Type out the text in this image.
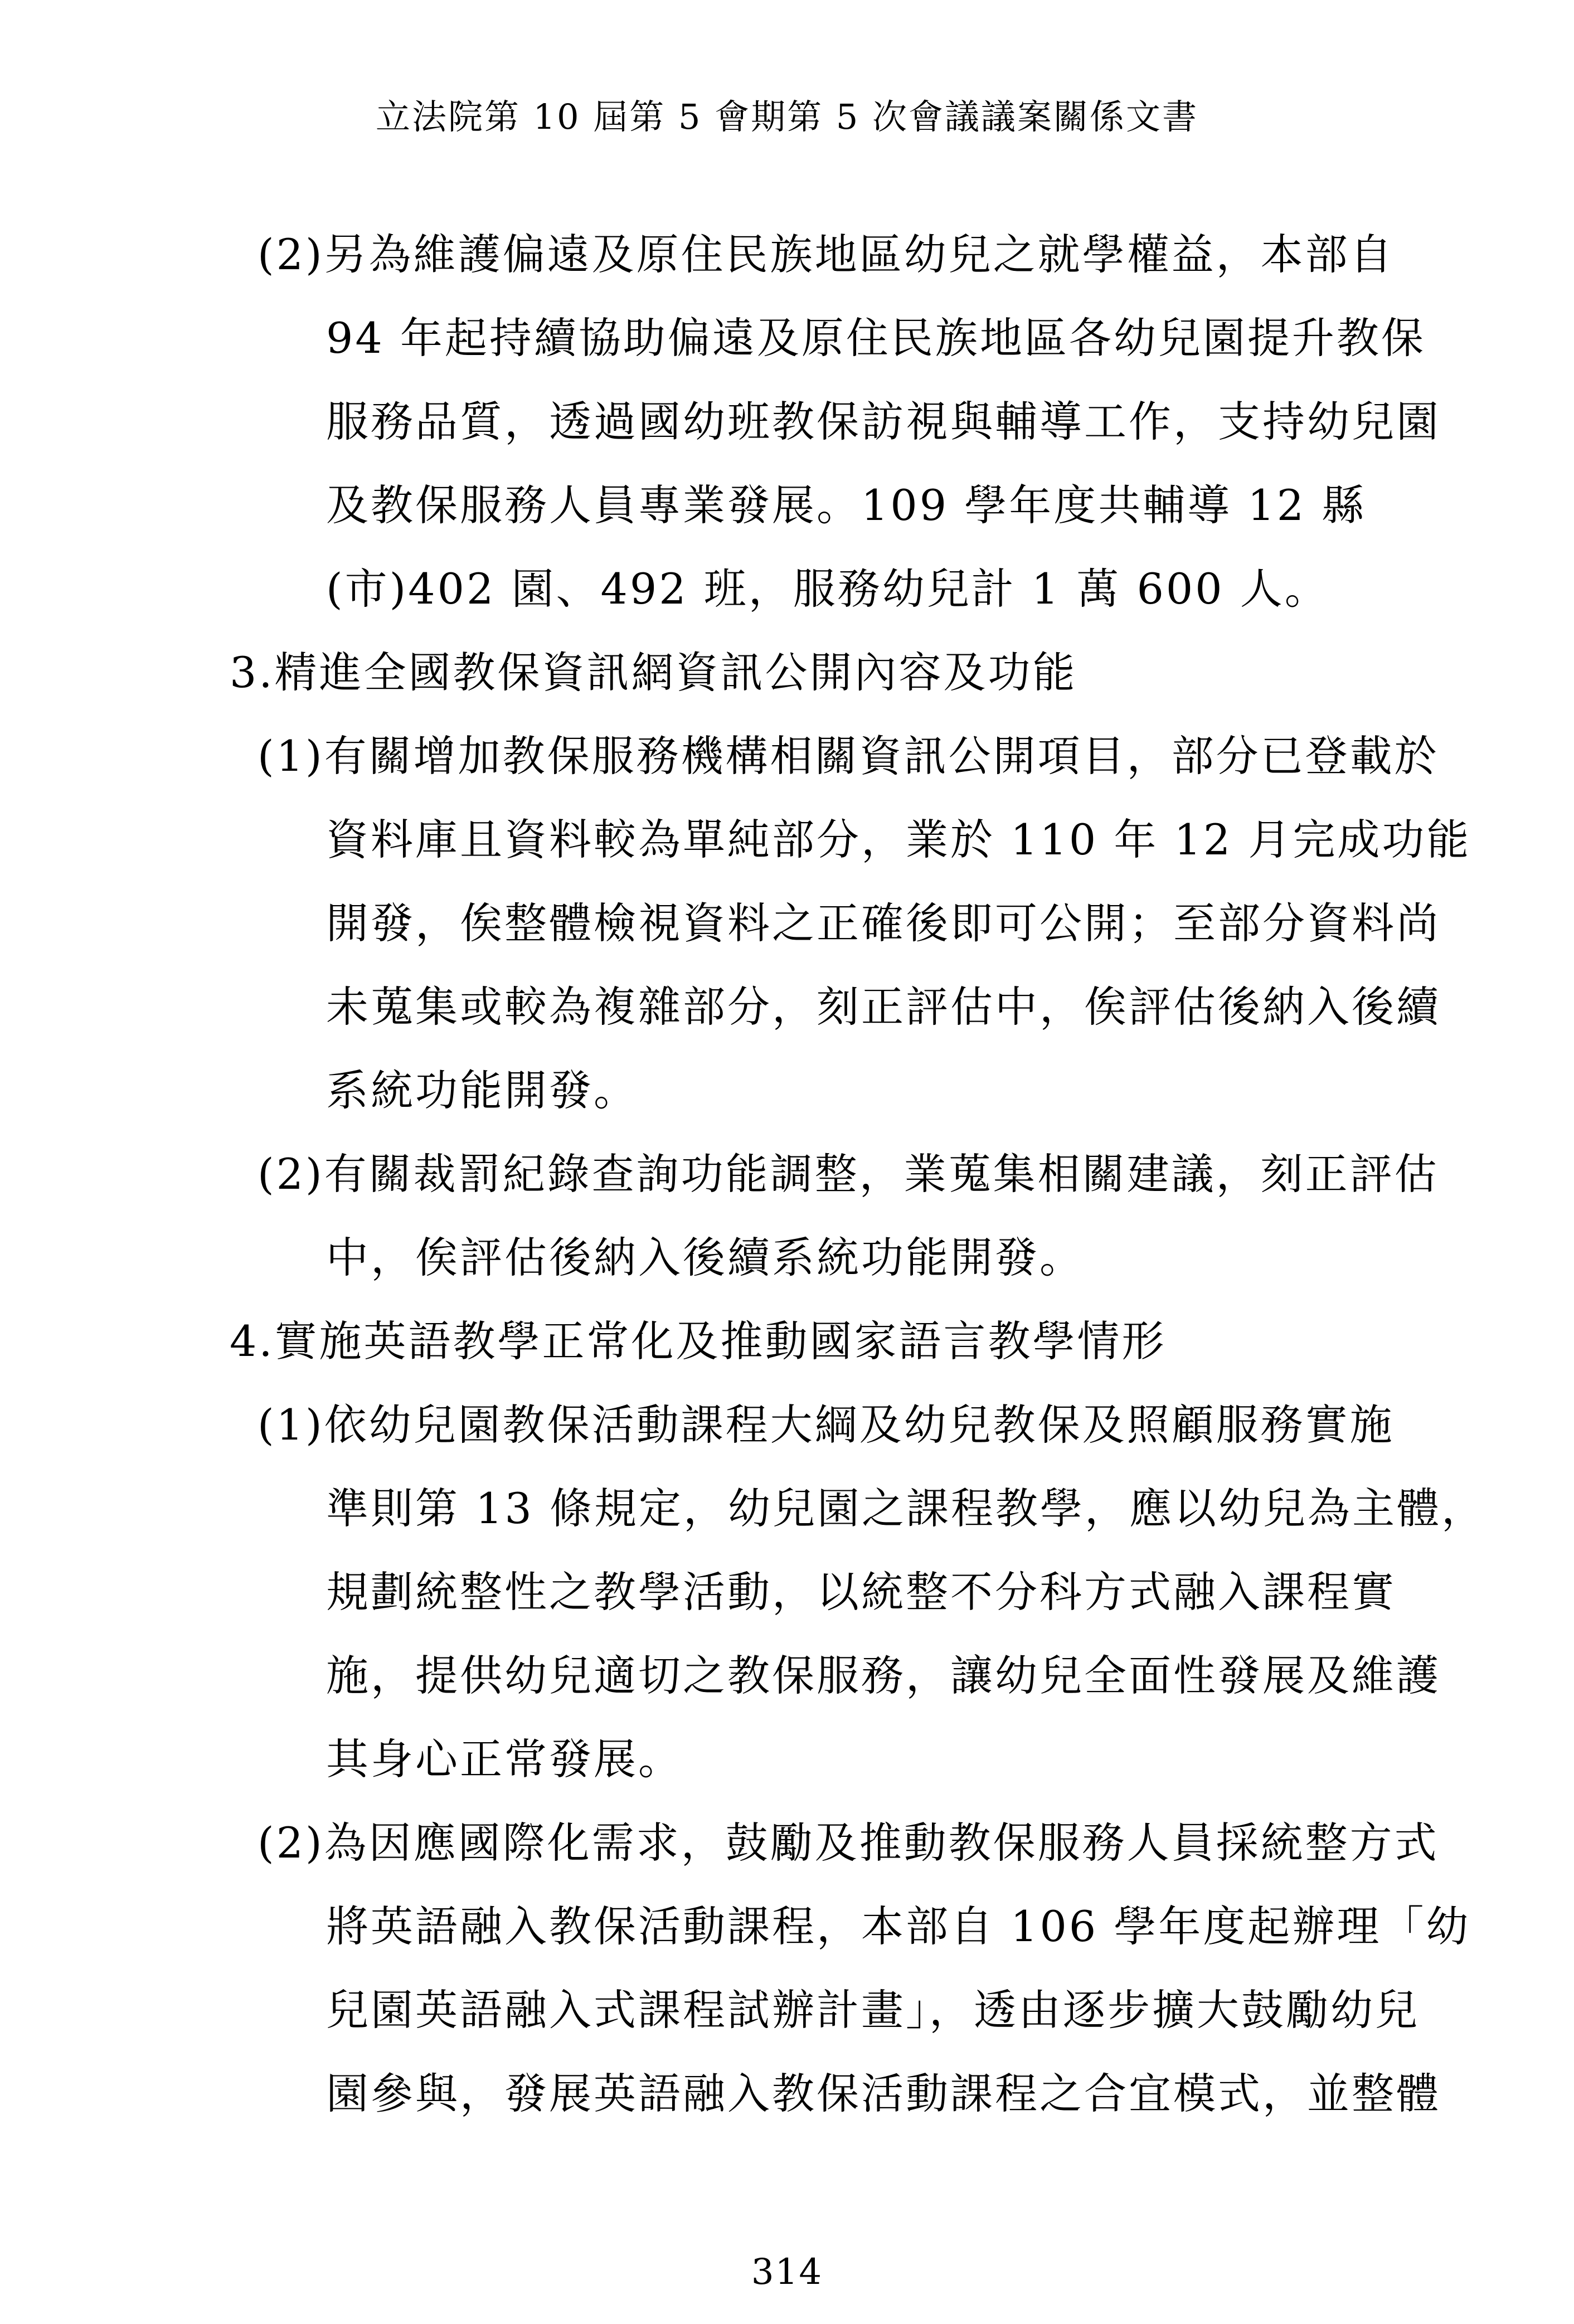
立法院第 10 屆第 5 會期第 5 次會議議案關係文書
(2)另為維護偏遠及原住民族地區幼兒之就學權益，本部自
94 年起持續協助偏遠及原住民族地區各幼兒園提升教保
服務品質，透過國幼班教保訪視與輔導工作，支持幼兒園
及教保服務人員專業發展。109 學年度共輔導 12 縣
(市)402 園、492 班，服務幼兒計 1 萬 600 人。
3.精進全國教保資訊網資訊公開內容及功能
(1)有關增加教保服務機構相關資訊公開項目，部分已登載於
資料庫且資料較為單純部分，業於 110 年 12 月完成功能
開發，俟整體檢視資料之正確後即可公開；至部分資料尚
未蒐集或較為複雜部分，刻正評估中，俟評估後納入後續
系統功能開發。
(2)有關裁罰紀錄查詢功能調整，業蒐集相關建議，刻正評估
中，俟評估後納入後續系統功能開發。
4.實施英語教學正常化及推動國家語言教學情形
(1)依幼兒園教保活動課程大綱及幼兒教保及照顧服務實施
準則第 13 條規定，幼兒園之課程教學，應以幼兒為主體，
規劃統整性之教學活動，以統整不分科方式融入課程實
施，提供幼兒適切之教保服務，讓幼兒全面性發展及維護
其身心正常發展。
(2)為因應國際化需求，鼓勵及推動教保服務人員採統整方式
將英語融入教保活動課程，本部自 106 學年度起辦理「幼
兒園英語融入式課程試辦計畫」，透由逐步擴大鼓勵幼兒
園參與，發展英語融入教保活動課程之合宜模式，並整體
314
